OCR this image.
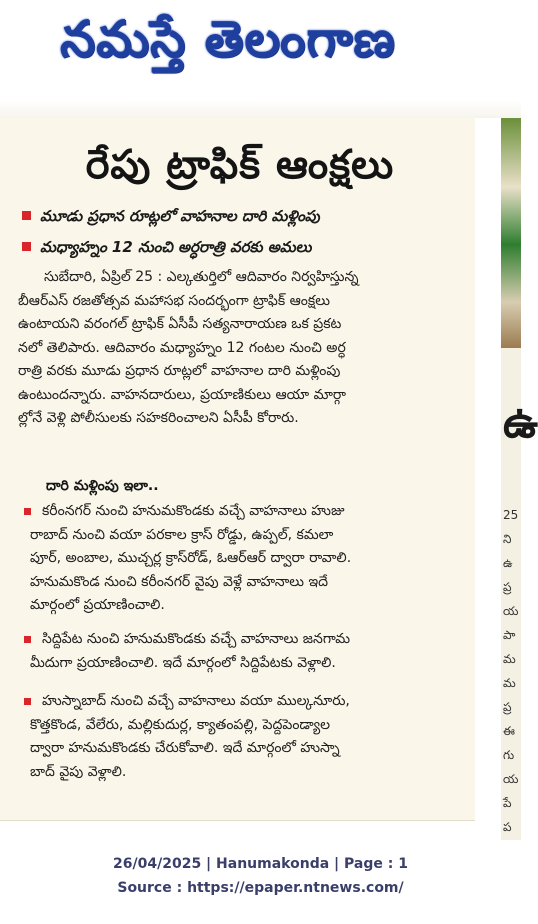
నమస్తే తెలంగాణ
ఉ
25
ని
ఉ
ప్ర
య
పా
మ
మ
ప్ర
ఈ
గు
య
పే
ప
రేపు ట్రాఫిక్ ఆంక్షలు
మూడు ప్రధాన రూట్లలో వాహనాల దారి మళ్లింపు
మధ్యాహ్నం 12 నుంచి అర్ధరాత్రి వరకు అమలు
సుబేదారి, ఏప్రిల్ 25 : ఎల్కతుర్తిలో ఆదివారం నిర్వహిస్తున్న
బీఆర్ఎస్ రజతోత్సవ మహాసభ సందర్భంగా ట్రాఫిక్ ఆంక్షలు
ఉంటాయని వరంగల్ ట్రాఫిక్ ఏసీపీ సత్యనారాయణ ఒక ప్రకట
నలో తెలిపారు. ఆదివారం మధ్యాహ్నం 12 గంటల నుంచి అర్ధ
రాత్రి వరకు మూడు ప్రధాన రూట్లలో వాహనాల దారి మళ్లింపు
ఉంటుందన్నారు. వాహనదారులు, ప్రయాణికులు ఆయా మార్గా
ల్లోనే వెళ్లి పోలీసులకు సహకరించాలని ఏసీపీ కోరారు.
దారి మళ్లింపు ఇలా..
కరీంనగర్ నుంచి హనుమకొండకు వచ్చే వాహనాలు హుజు
రాబాద్ నుంచి వయా పరకాల క్రాస్ రోడ్డు, ఉప్పల్, కమలా
పూర్, అంబాల, ముచ్చర్ల క్రాస్‌రోడ్, ఓఆర్ఆర్ ద్వారా రావాలి.
హనుమకొండ నుంచి కరీంనగర్ వైపు వెళ్లే వాహనాలు ఇదే
మార్గంలో ప్రయాణించాలి.
సిద్దిపేట నుంచి హనుమకొండకు వచ్చే వాహనాలు జనగామ
మీదుగా ప్రయాణించాలి. ఇదే మార్గంలో సిద్దిపేటకు వెళ్లాలి.
హుస్నాబాద్ నుంచి వచ్చే వాహనాలు వయా ముల్కనూరు,
కొత్తకొండ, వేలేరు, మల్లికుదుర్ల, క్యాతంపల్లి, పెద్దపెండ్యాల
ద్వారా హనుమకొండకు చేరుకోవాలి. ఇదే మార్గంలో హుస్నా
బాద్ వైపు వెళ్లాలి.
26/04/2025 | Hanumakonda | Page : 1
Source : https://epaper.ntnews.com/
